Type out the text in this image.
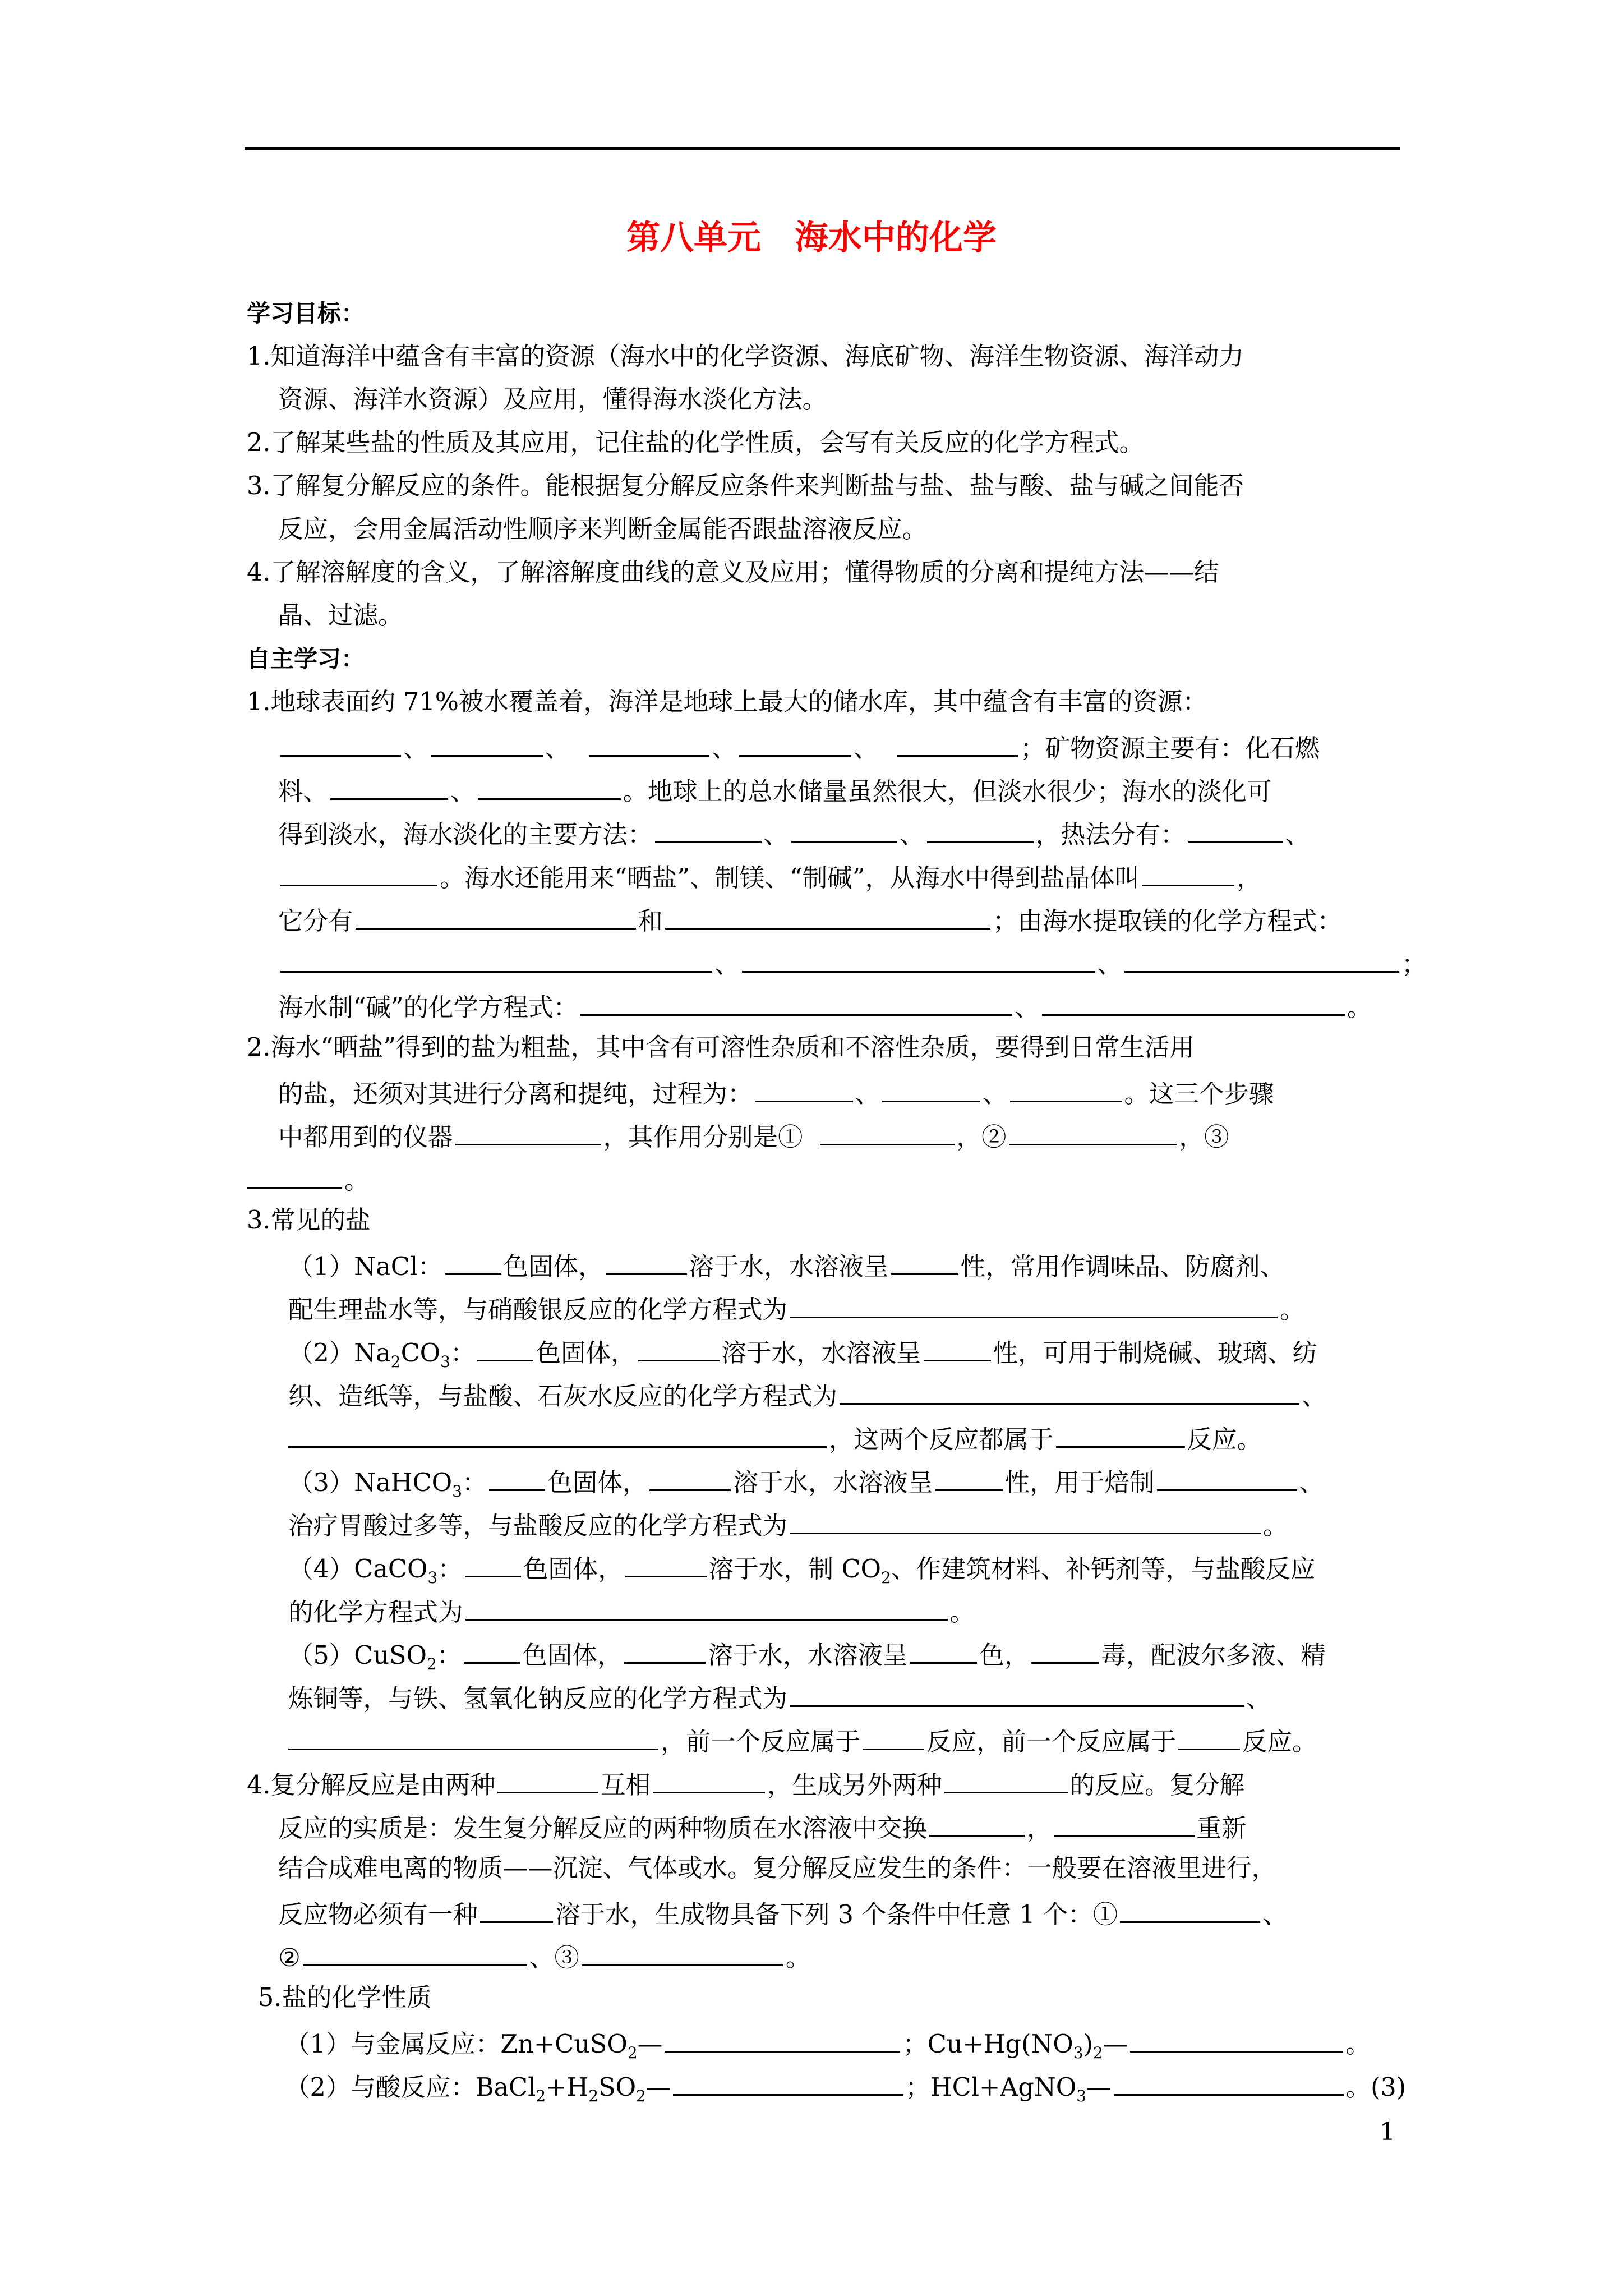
第八单元　海水中的化学
学习目标：
1.知道海洋中蕴含有丰富的资源（海水中的化学资源、海底矿物、海洋生物资源、海洋动力
资源、海洋水资源）及应用，懂得海水淡化方法。
2.了解某些盐的性质及其应用，记住盐的化学性质，会写有关反应的化学方程式。
3.了解复分解反应的条件。能根据复分解反应条件来判断盐与盐、盐与酸、盐与碱之间能否
反应，会用金属活动性顺序来判断金属能否跟盐溶液反应。
4.了解溶解度的含义，了解溶解度曲线的意义及应用；懂得物质的分离和提纯方法——结
晶、过滤。
自主学习：
1.地球表面约 71%被水覆盖着，海洋是地球上最大的储水库，其中蕴含有丰富的资源：
、	、	、	、	；矿物资源主要有：化石燃
料、	、	。地球上的总水储量虽然很大，但淡水很少；海水的淡化可
得到淡水，海水淡化的主要方法：	、	、	，热法分有：	、
。海水还能用来“晒盐”、制镁、“制碱”，从海水中得到盐晶体叫	，
它分有	和	；由海水提取镁的化学方程式：
、	、	；
海水制“碱”的化学方程式：	、	。
2.海水“晒盐”得到的盐为粗盐，其中含有可溶性杂质和不溶性杂质，要得到日常生活用
的盐，还须对其进行分离和提纯，过程为：	、	、	。这三个步骤
中都用到的仪器	，其作用分别是①	，②	，③
。
3.常见的盐
（1）NaCl： 色固体，	溶于水，水溶液呈	性，常用作调味品、防腐剂、
配生理盐水等，与硝酸银反应的化学方程式为	。
$(2)Na_2CO_3$： 色固体，	溶于水，水溶液呈	性，可用于制烧碱、玻璃、纺
织、造纸等，与盐酸、石灰水反应的化学方程式为	、
，这两个反应都属于	反应。
（3）NaHCO$_3$： 色固体，	溶于水，水溶液呈	性，用于焙制	、
治疗胃酸过多等，与盐酸反应的化学方程式为	。
（4）CaCO$_3$： 色固体，	溶于水，制 $CO_2$、作建筑材料、补钙剂等，与盐酸反应
的化学方程式为	。
（5）CuSO$_2$： 色固体，	溶于水，水溶液呈	色，	毒，配波尔多液、精
炼铜等，与铁、氢氧化钠反应的化学方程式为	、
，前一个反应属于	反应，前一个反应属于	反应。
4.复分解反应是由两种	互相	，生成另外两种	的反应。复分解
反应的实质是：发生复分解反应的两种物质在水溶液中交换	，	重新
结合成难电离的物质——沉淀、气体或水。复分解反应发生的条件：一般要在溶液里进行，
反应物必须有一种	溶于水，生成物具备下列 3 个条件中任意 1 个：①	、
②	、③	。
5.盐的化学性质
（1）与金属反应：Zn+CuSO$_2$—	；$Cu+Hg(NO_3)_2—$	。
（2）与酸反应：$BaCl_2+H_2SO_2—$	；HCl+AgNO$_3$—	。(3)
1
